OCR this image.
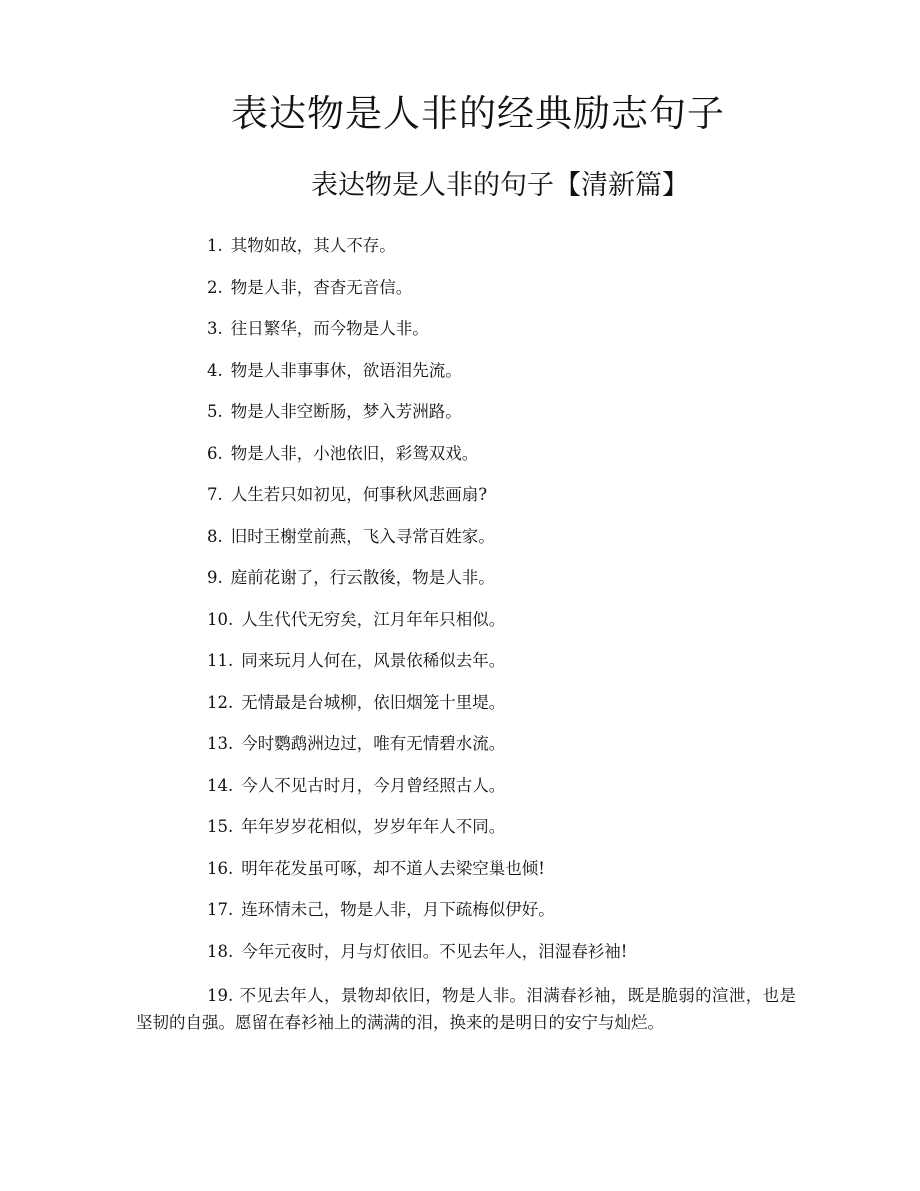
表达物是人非的经典励志句子
表达物是人非的句子【清新篇】
1. 其物如故，其人不存。
2. 物是人非，杳杳无音信。
3. 往日繁华，而今物是人非。
4. 物是人非事事休，欲语泪先流。
5. 物是人非空断肠，梦入芳洲路。
6. 物是人非，小池依旧，彩鸳双戏。
7. 人生若只如初见，何事秋风悲画扇?
8. 旧时王榭堂前燕，飞入寻常百姓家。
9. 庭前花谢了，行云散後，物是人非。
10. 人生代代无穷矣，江月年年只相似。
11. 同来玩月人何在，风景依稀似去年。
12. 无情最是台城柳，依旧烟笼十里堤。
13. 今时鹦鹉洲边过，唯有无情碧水流。
14. 今人不见古时月，今月曾经照古人。
15. 年年岁岁花相似，岁岁年年人不同。
16. 明年花发虽可啄，却不道人去梁空巢也倾!
17. 连环情未己，物是人非，月下疏梅似伊好。
18. 今年元夜时，月与灯依旧。不见去年人，泪湿春衫袖!

19. 不见去年人，景物却依旧，物是人非。泪满春衫袖，既是脆弱的渲泄，也是坚韧的自强。愿留在春衫袖上的满满的泪，换来的是明日的安宁与灿烂。
